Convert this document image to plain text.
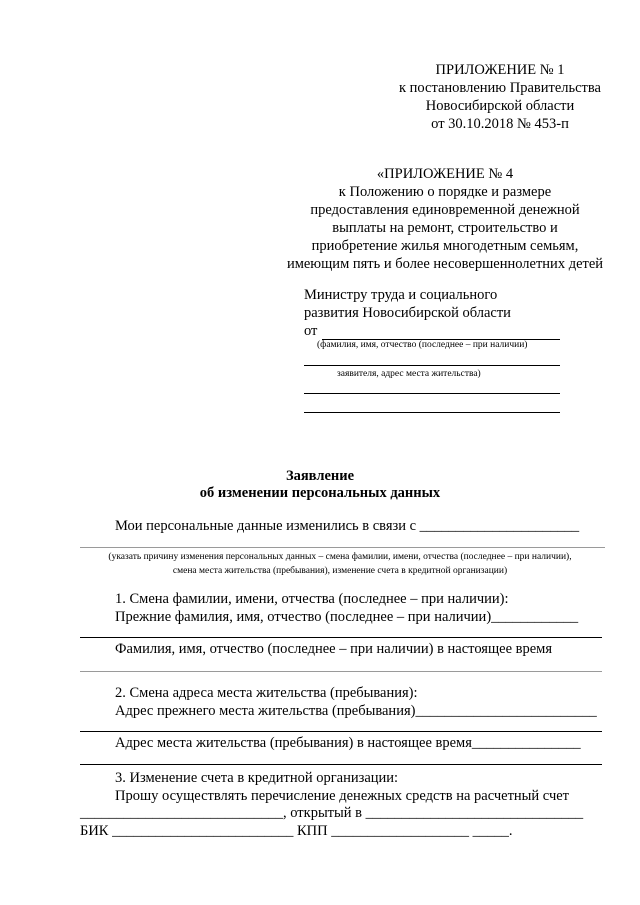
ПРИЛОЖЕНИЕ № 1
к постановлению Правительства
Новосибирской области
от 30.10.2018 № 453-п
«ПРИЛОЖЕНИЕ № 4
к Положению о порядке и размере
предоставления единовременной денежной
выплаты на ремонт, строительство и
приобретение жилья многодетным семьям,
имеющим пять и более несовершеннолетних детей
Министру труда и социального
развития Новосибирской области
от
(фамилия, имя, отчество (последнее – при наличии)
заявителя, адрес места жительства)
Заявление
об изменении персональных данных
Мои персональные данные изменились в связи с ______________________
(указать причину изменения персональных данных – смена фамилии, имени, отчества (последнее – при наличии),
смена места жительства (пребывания), изменение счета в кредитной организации)
1. Смена фамилии, имени, отчества (последнее – при наличии):
Прежние фамилия, имя, отчество (последнее – при наличии)____________
Фамилия, имя, отчество (последнее – при наличии) в настоящее время
2. Смена адреса места жительства (пребывания):
Адрес прежнего места жительства (пребывания)_________________________
Адрес места жительства (пребывания) в настоящее время_______________
3. Изменение счета в кредитной организации:
Прошу осуществлять перечисление денежных средств на расчетный счет
____________________________, открытый в ______________________________
БИК _________________________ КПП ___________________ _____.
